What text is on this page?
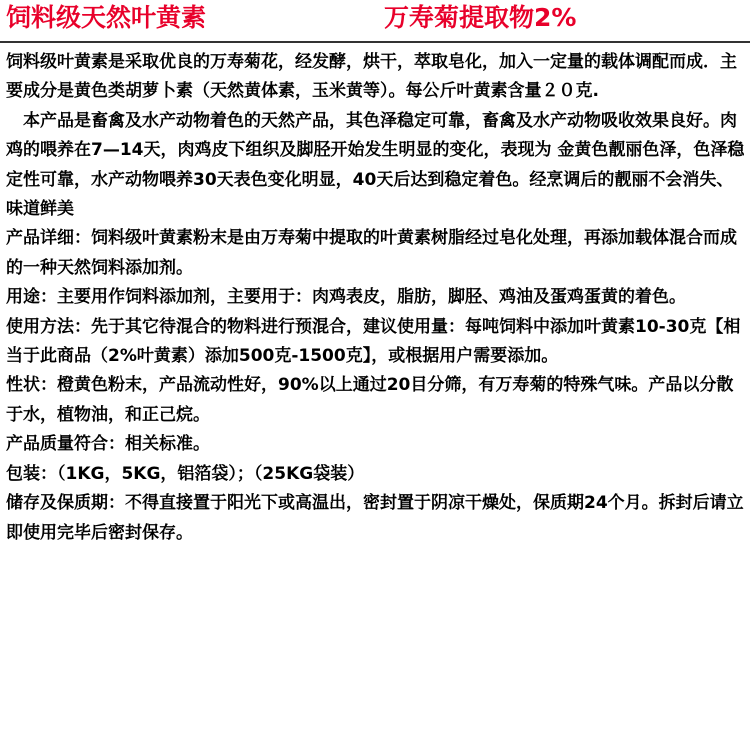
饲料级天然叶黄素	万寿菊提取物2%

饲料级叶黄素是采取优良的万寿菊花，经发酵，烘干，萃取皂化，加入一定量的载体调配而成．主要成分是黄色类胡萝卜素（天然黄体素，玉米黄等）。每公斤叶黄素含量２０克.

本产品是畜禽及水产动物着色的天然产品，其色泽稳定可靠，畜禽及水产动物吸收效果良好。肉鸡的喂养在7—14天，肉鸡皮下组织及脚胫开始发生明显的变化，表现为 金黄色靓丽色泽，色泽稳定性可靠，水产动物喂养30天表色变化明显，40天后达到稳定着色。经烹调后的靓丽不会消失、味道鲜美

产品详细：饲料级叶黄素粉末是由万寿菊中提取的叶黄素树脂经过皂化处理，再添加载体混合而成的一种天然饲料添加剂。

用途：主要用作饲料添加剂，主要用于：肉鸡表皮，脂肪，脚胫、鸡油及蛋鸡蛋黄的着色。

使用方法：先于其它待混合的物料进行预混合，建议使用量：每吨饲料中添加叶黄素10-30克【相当于此商品（2%叶黄素）添加500克-1500克】，或根据用户需要添加。

性状：橙黄色粉末，产品流动性好，90%以上通过20目分筛，有万寿菊的特殊气味。产品以分散于水，植物油，和正己烷。

产品质量符合：相关标准。

包装：（1KG，5KG，铝箔袋）；（25KG袋装）

储存及保质期：不得直接置于阳光下或高温出，密封置于阴凉干燥处，保质期24个月。拆封后请立即使用完毕后密封保存。
